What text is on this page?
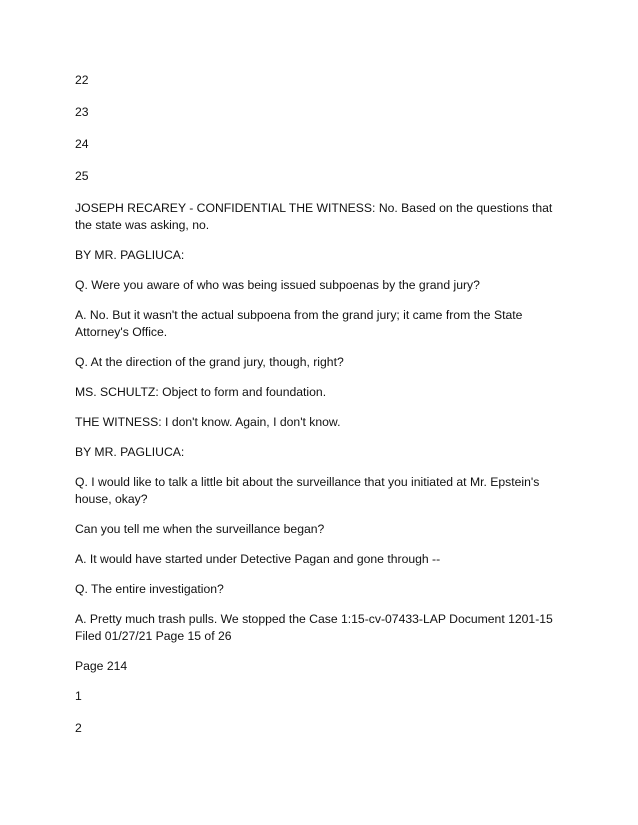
22

23

24

25

JOSEPH RECAREY - CONFIDENTIAL THE WITNESS: No. Based on the questions that the state was asking, no.

BY MR. PAGLIUCA:

Q. Were you aware of who was being issued subpoenas by the grand jury?

A. No. But it wasn't the actual subpoena from the grand jury; it came from the State Attorney's Office.

Q. At the direction of the grand jury, though, right?

MS. SCHULTZ: Object to form and foundation.

THE WITNESS: I don't know. Again, I don't know.

BY MR. PAGLIUCA:

Q. I would like to talk a little bit about the surveillance that you initiated at Mr. Epstein's house, okay?

Can you tell me when the surveillance began?

A. It would have started under Detective Pagan and gone through --

Q. The entire investigation?

A. Pretty much trash pulls. We stopped the Case 1:15-cv-07433-LAP Document 1201-15 Filed 01/27/21 Page 15 of 26

Page 214

1

2
